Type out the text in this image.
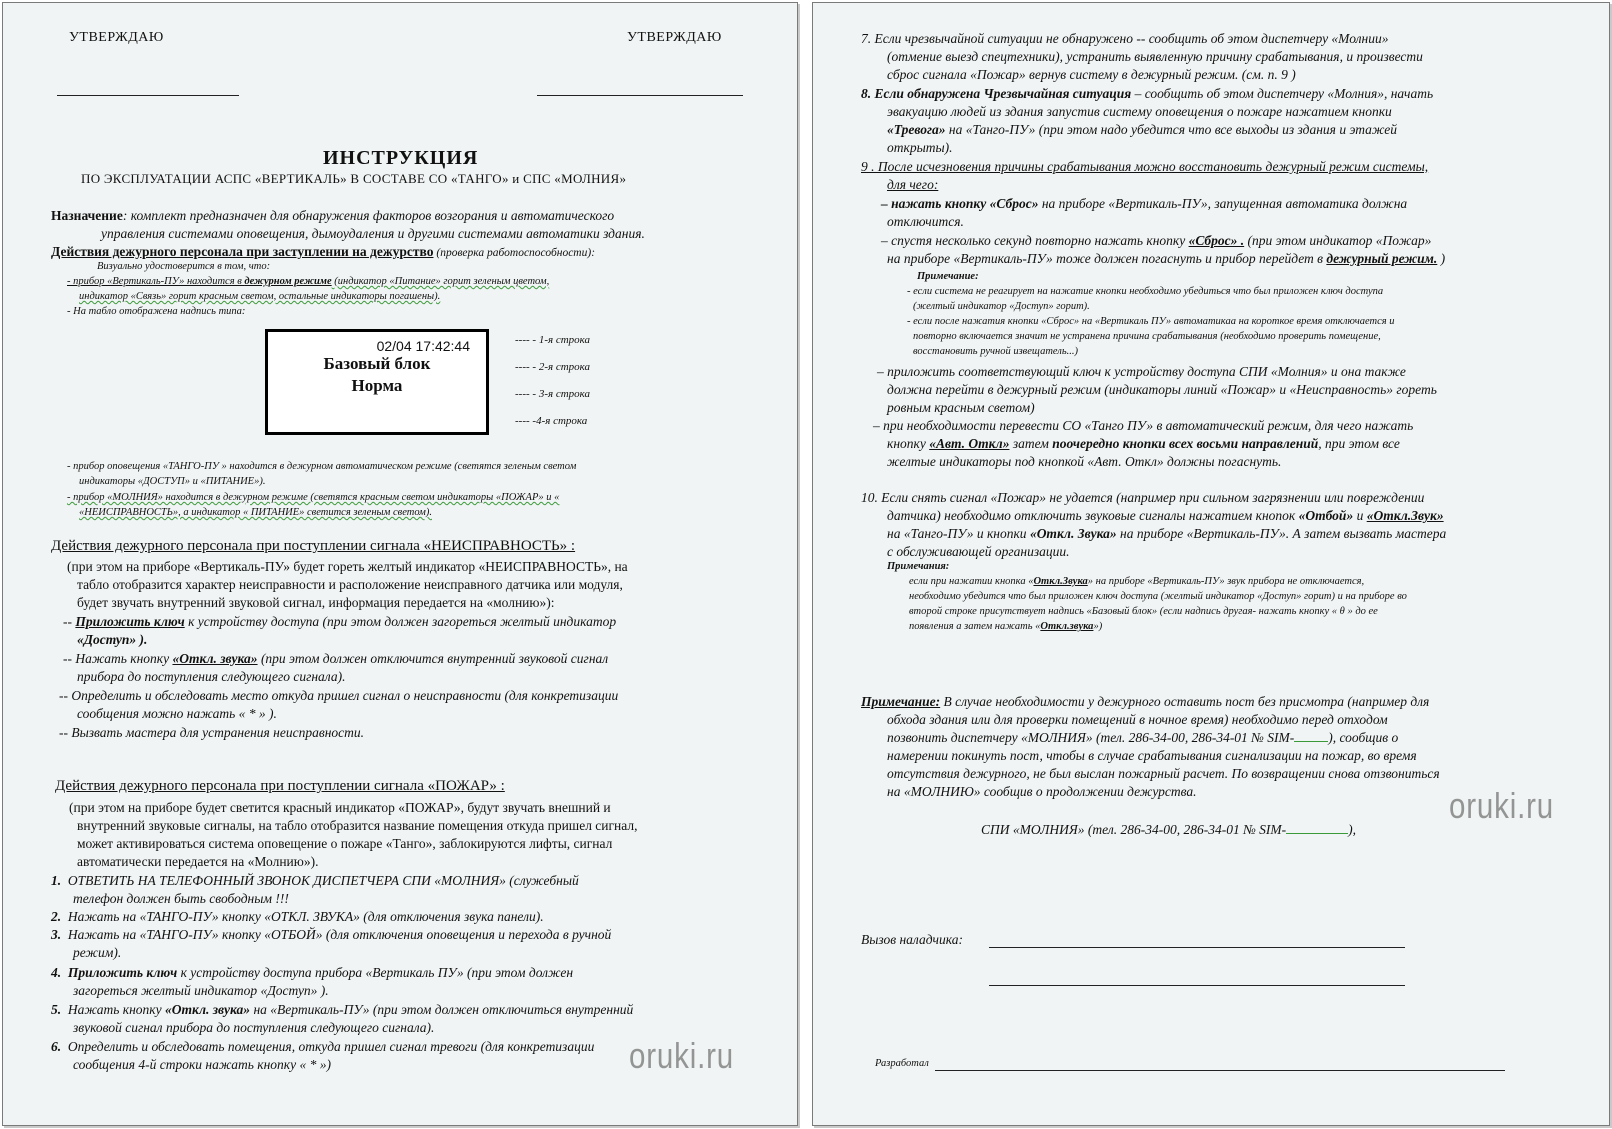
УТВЕРЖДАЮ	УТВЕРЖДАЮ
ИНСТРУКЦИЯ
ПО ЭКСПЛУАТАЦИИ АСПС «ВЕРТИКАЛЬ» В СОСТАВЕ СО «ТАНГО» и СПС «МОЛНИЯ»
Назначение: комплект предназначен для обнаружения факторов возгорания и автоматического
управления системами оповещения, дымоудаления и другими системами автоматики здания.
Действия дежурного персонала при заступлении на дежурство (проверка работоспособности):
Визуально удостоверится в том, что:
- прибор «Вертикаль-ПУ» находится в дежурном режиме (индикатор «Питание» горит зеленым цветом,
индикатор «Связь» горит красным светом, остальные индикаторы погашены).
- На табло отображена надпись типа:
02/04 17:42:44
Базовый блок
Норма
---- - 1-я строка
---- - 2-я строка
---- - 3-я строка
---- -4-я строка
- прибор оповещения «ТАНГО-ПУ » находится в дежурном автоматическом режиме (светятся зеленым светом
индикаторы «ДОСТУП» и «ПИТАНИЕ»).
- прибор «МОЛНИЯ» находится в дежурном режиме (светятся красным светом индикаторы «ПОЖАР» и «
«НЕИСПРАВНОСТЬ», а индикатор « ПИТАНИЕ» светится зеленым светом).
Действия дежурного персонала при поступлении сигнала «НЕИСПРАВНОСТЬ» :
(при этом на приборе «Вертикаль-ПУ» будет гореть желтый индикатор «НЕИСПРАВНОСТЬ», на
табло отобразится характер неисправности и расположение неисправного датчика или модуля,
будет звучать внутренний звуковой сигнал, информация передается на «молнию»):
-- Приложить ключ к устройству доступа (при этом должен загореться желтый индикатор
«Доступ» ).
-- Нажать кнопку «Откл. звука» (при этом должен отключится внутренний звуковой сигнал
прибора до поступления следующего сигнала).
-- Определить и обследовать место откуда пришел сигнал о неисправности (для конкретизации
сообщения можно нажать « * » ).
-- Вызвать мастера для устранения неисправности.
Действия дежурного персонала при поступлении сигнала «ПОЖАР» :
(при этом на приборе будет светится красный индикатор «ПОЖАР», будут звучать внешний и
внутренний звуковые сигналы, на табло отобразится название помещения откуда пришел сигнал,
может активироваться система оповещение о пожаре «Танго», заблокируются лифты, сигнал
автоматически передается на «Молнию»).
1. ОТВЕТИТЬ НА ТЕЛЕФОННЫЙ ЗВОНОК ДИСПЕТЧЕРА СПИ «МОЛНИЯ» (служебный
телефон должен быть свободным !!!
2. Нажать на «ТАНГО-ПУ» кнопку «ОТКЛ. ЗВУКА» (для отключения звука панели).
3. Нажать на «ТАНГО-ПУ» кнопку «ОТБОЙ» (для отключения оповещения и перехода в ручной
режим).
4. Приложить ключ к устройству доступа прибора «Вертикаль ПУ» (при этом должен
загореться желтый индикатор «Доступ» ).
5. Нажать кнопку «Откл. звука» на «Вертикаль-ПУ» (при этом должен отключиться внутренний
звуковой сигнал прибора до поступления следующего сигнала).
6. Определить и обследовать помещения, откуда пришел сигнал тревоги (для конкретизации
сообщения 4-й строки нажать кнопку « * »)	oruki.ru
7. Если чрезвычайной ситуации не обнаружено -- сообщить об этом диспетчеру «Молнии»
(отмение выезд спецтехники), устранить выявленную причину срабатывания, и произвести
сброс сигнала «Пожар» вернув систему в дежурный режим. (см. п. 9 )
8. Если обнаружена Чрезвычайная ситуация – сообщить об этом диспетчеру «Молния», начать
эвакуацию людей из здания запустив систему оповещения о пожаре нажатием кнопки
«Тревога» на «Танго-ПУ» (при этом надо убедится что все выходы из здания и этажей
открыты).
9 . После исчезновения причины срабатывания можно восстановить дежурный режим системы,
для чего:
– нажать кнопку «Сброс» на приборе «Вертикаль-ПУ», запущенная автоматика должна
отключится.
– спустя несколько секунд повторно нажать кнопку «Сброс» . (при этом индикатор «Пожар»
на приборе «Вертикаль-ПУ» тоже должен погаснуть и прибор перейдет в дежурный режим. )
Примечание:
- если система не реагирует на нажатие кнопки необходимо убедиться что был приложен ключ доступа
(желтый индикатор «Доступ» горит).
- если после нажатия кнопки «Сброс» на «Вертикаль ПУ» автоматикаа на короткое время отключается и
повторно включается значит не устранена причина срабатывания (необходимо проверить помещение,
восстановить ручной извещатель...)
– приложить соответствующий ключ к устройству доступа СПИ «Молния» и она также
должна перейти в дежурный режим (индикаторы линий «Пожар» и «Неисправность» гореть
ровным красным светом)
– при необходимости перевести СО «Танго ПУ» в автоматический режим, для чего нажать
кнопку «Авт. Откл» затем поочередно кнопки всех восьми направлений, при этом все
желтые индикаторы под кнопкой «Авт. Откл» должны погаснуть.
10. Если снять сигнал «Пожар» не удается (например при сильном загрязнении или повреждении
датчика) необходимо отключить звуковые сигналы нажатием кнопок «Отбой» и «Откл.Звук»
на «Танго-ПУ» и кнопки «Откл. Звука» на приборе «Вертикаль-ПУ». А затем вызвать мастера
с обслуживающей организации.
Примечания:
если при нажатии кнопка «Откл.Звука» на приборе «Вертикаль-ПУ» звук прибора не отключается,
необходимо убедится что был приложен ключ доступа (желтый индикатор «Доступ» горит) и на приборе во
второй строке присутствует надпись «Базовый блок» (если надпись другая- нажать кнопку « θ » до ее
появления а затем нажать «Откл.звука»)
Примечание: В случае необходимости у дежурного оставить пост без присмотра (например для
обхода здания или для проверки помещений в ночное время) необходимо перед отходом
позвонить диспетчеру «МОЛНИЯ» (тел. 286-34-00, 286-34-01 № SIM-	), сообщив о
намерении покинуть пост, чтобы в случае срабатывания сигнализации на пожар, во время
отсутствия дежурного, не был выслан пожарный расчет. По возвращении снова отзвониться
на «МОЛНИЮ» сообщив о продолжении дежурства.	oruki.ru
СПИ «МОЛНИЯ» (тел. 286-34-00, 286-34-01 № SIM-	),
Вызов наладчика:
Разработал
